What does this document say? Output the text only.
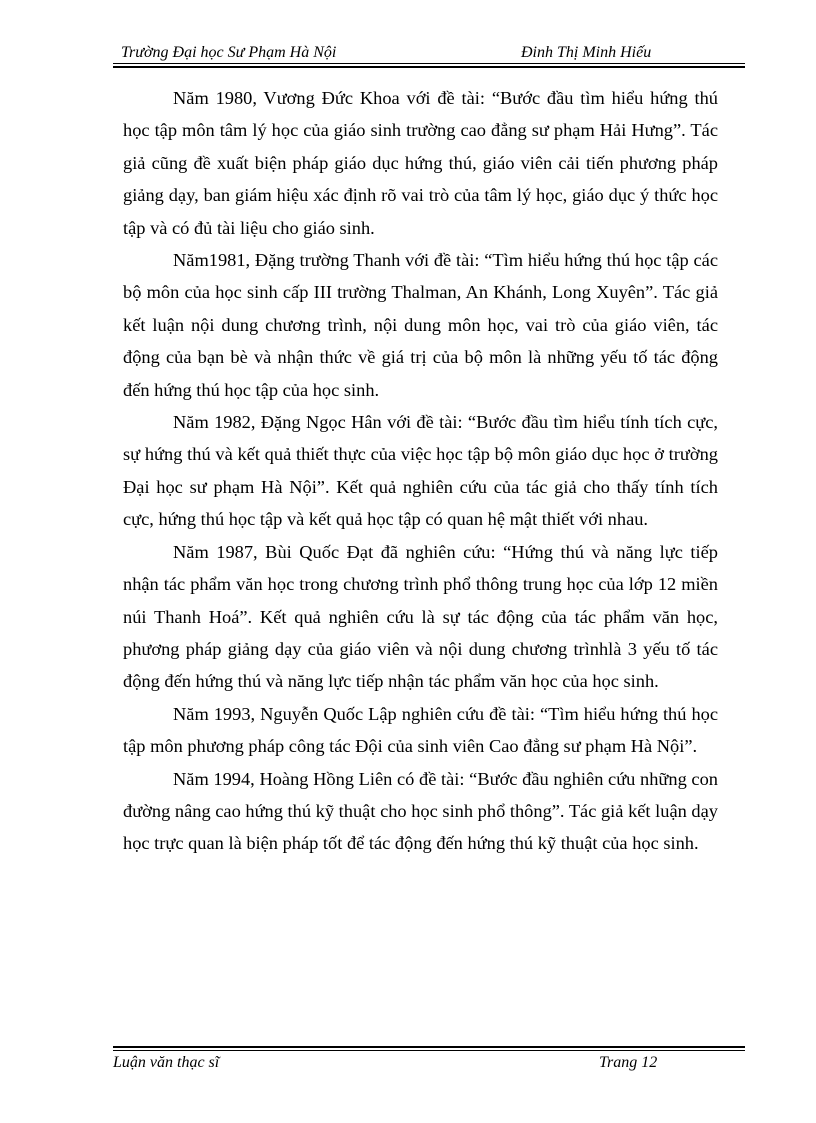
Trường Đại học Sư Phạm Hà Nội	Đinh Thị Minh Hiếu

Năm 1980, Vương Đức Khoa với đề tài: “Bước đầu tìm hiểu hứng thú học tập môn tâm lý học của giáo sinh trường cao đẳng sư phạm Hải Hưng”. Tác giả cũng đề xuất biện pháp giáo dục hứng thú, giáo viên cải tiến phương pháp giảng dạy, ban giám hiệu xác định rõ vai trò của tâm lý học, giáo dục ý thức học tập và có đủ tài liệu cho giáo sinh.

Năm1981, Đặng trường Thanh với đề tài: “Tìm hiểu hứng thú học tập các bộ môn của học sinh cấp III trường Thalman, An Khánh, Long Xuyên”. Tác giả kết luận nội dung chương trình, nội dung môn học, vai trò của giáo viên, tác động của bạn bè và nhận thức về giá trị của bộ môn là những yếu tố tác động đến hứng thú học tập của học sinh.

Năm 1982, Đặng Ngọc Hân với đề tài: “Bước đầu tìm hiểu tính tích cực, sự hứng thú và kết quả thiết thực của việc học tập bộ môn giáo dục học ở trường Đại học sư phạm Hà Nội”. Kết quả nghiên cứu của tác giả cho thấy tính tích cực, hứng thú học tập và kết quả học tập có quan hệ mật thiết với nhau.

Năm 1987, Bùi Quốc Đạt đã nghiên cứu: “Hứng thú và năng lực tiếp nhận tác phẩm văn học trong chương trình phổ thông trung học của lớp 12 miền núi Thanh Hoá”. Kết quả nghiên cứu là sự tác động của tác phẩm văn học, phương pháp giảng dạy của giáo viên và nội dung chương trìnhlà 3 yếu tố tác động đến hứng thú và năng lực tiếp nhận tác phẩm văn học của học sinh.

Năm 1993, Nguyễn Quốc Lập nghiên cứu đề tài: “Tìm hiểu hứng thú học tập môn phương pháp công tác Đội của sinh viên Cao đẳng sư phạm Hà Nội”.

Năm 1994, Hoàng Hồng Liên có đề tài: “Bước đầu nghiên cứu những con đường nâng cao hứng thú kỹ thuật cho học sinh phổ thông”. Tác giả kết luận dạy học trực quan là biện pháp tốt để tác động đến hứng thú kỹ thuật của học sinh.

Luận văn thạc sĩ	Trang 12
